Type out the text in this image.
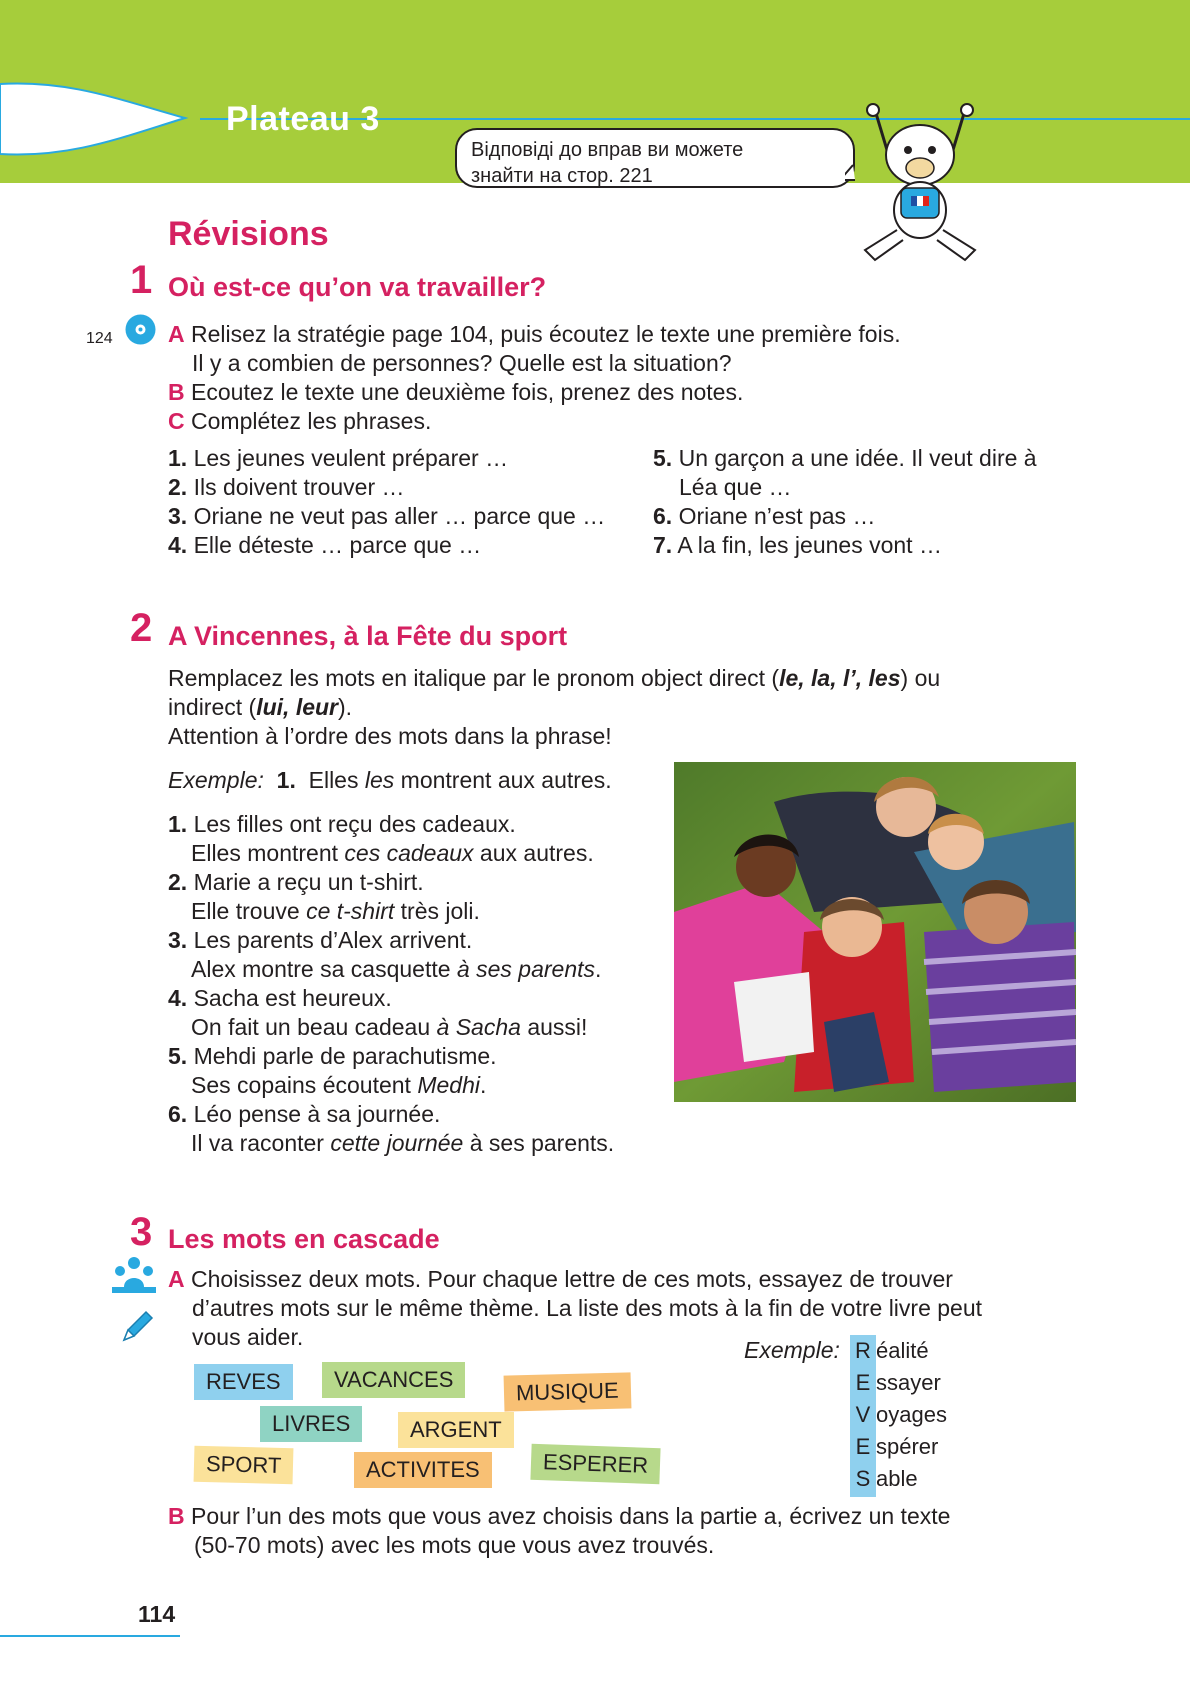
Plateau 3
Відповіді до вправ ви можете
знайти на стор. 221
Révisions
1 Où est-ce qu’on va travailler?
124 A Relisez la stratégie page 104, puis écoutez le texte une première fois.
Il y a combien de personnes? Quelle est la situation?
B Ecoutez le texte une deuxième fois, prenez des notes.
C Complétez les phrases.
1. Les jeunes veulent préparer …
2. Ils doivent trouver …
3. Oriane ne veut pas aller … parce que …
4. Elle déteste … parce que …
5. Un garçon a une idée. Il veut dire à
Léa que …
6. Oriane n’est pas …
7. A la fin, les jeunes vont …
2 A Vincennes, à la Fête du sport
Remplacez les mots en italique par le pronom object direct (le, la, l’, les) ou
indirect (lui, leur).
Attention à l’ordre des mots dans la phrase!
Exemple: 1. Elles les montrent aux autres.
1. Les filles ont reçu des cadeaux.
Elles montrent ces cadeaux aux autres.
2. Marie a reçu un t-shirt.
Elle trouve ce t-shirt très joli.
3. Les parents d’Alex arrivent.
Alex montre sa casquette à ses parents.
4. Sacha est heureux.
On fait un beau cadeau à Sacha aussi!
5. Mehdi parle de parachutisme.
Ses copains écoutent Medhi.
6. Léo pense à sa journée.
Il va raconter cette journée à ses parents.
3 Les mots en cascade
A Choisissez deux mots. Pour chaque lettre de ces mots, essayez de trouver
d’autres mots sur le même thème. La liste des mots à la fin de votre livre peut
vous aider.
REVES	VACANCES	MUSIQUE
LIVRES	ARGENT
SPORT	ACTIVITES	ESPERER
Exemple: R éalité
E ssayer
V oyages
E spérer
S able
B Pour l’un des mots que vous avez choisis dans la partie a, écrivez un texte
(50-70 mots) avec les mots que vous avez trouvés.
114
